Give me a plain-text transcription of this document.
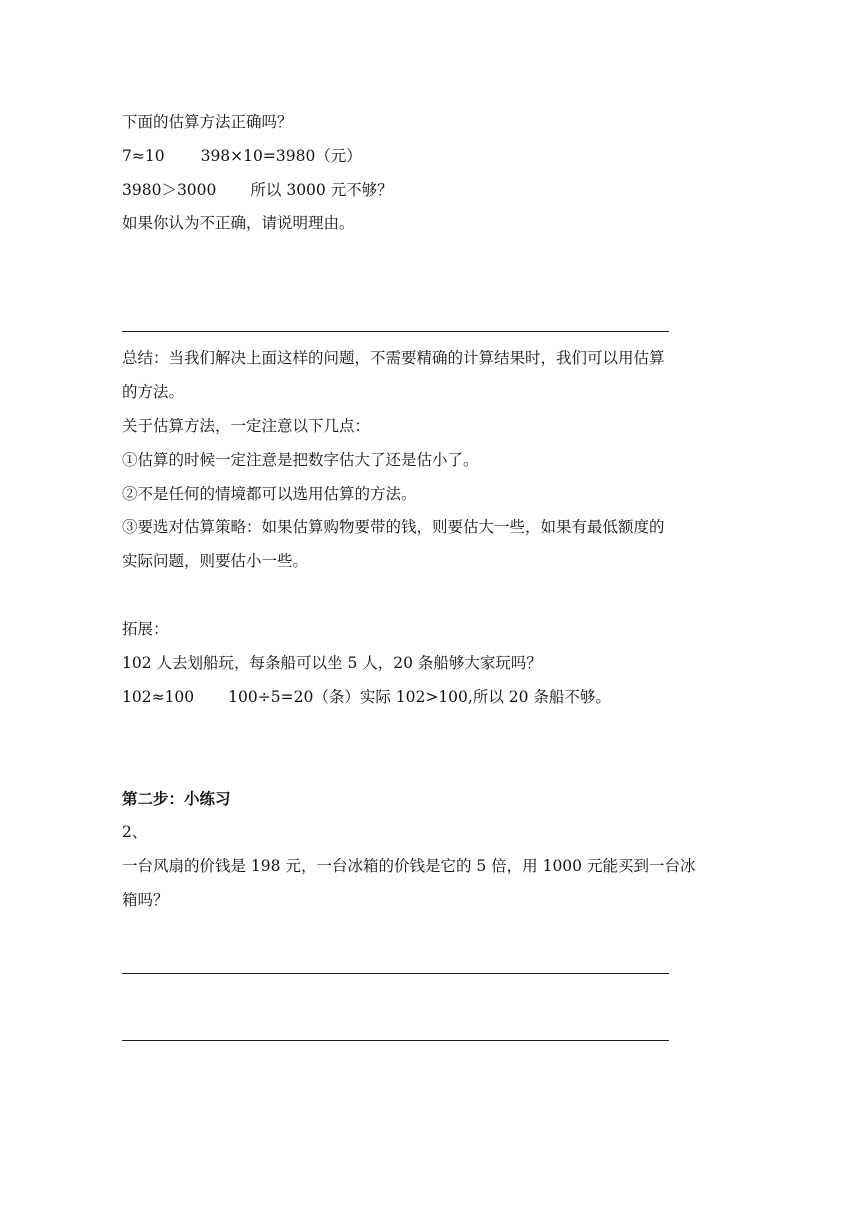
下面的估算方法正确吗？
7≈10 398×10=3980（元）
3980＞3000 所以 3000 元不够？
如果你认为不正确，请说明理由。
总结：当我们解决上面这样的问题，不需要精确的计算结果时，我们可以用估算
的方法。
关于估算方法，一定注意以下几点：
①估算的时候一定注意是把数字估大了还是估小了。
②不是任何的情境都可以选用估算的方法。
③要选对估算策略：如果估算购物要带的钱，则要估大一些，如果有最低额度的
实际问题，则要估小一些。
拓展：
102 人去划船玩，每条船可以坐 5 人，20 条船够大家玩吗？
102≈100 100÷5=20（条）实际 102>100,所以 20 条船不够。
第二步：小练习
2、
一台风扇的价钱是 198 元，一台冰箱的价钱是它的 5 倍，用 1000 元能买到一台冰
箱吗？
